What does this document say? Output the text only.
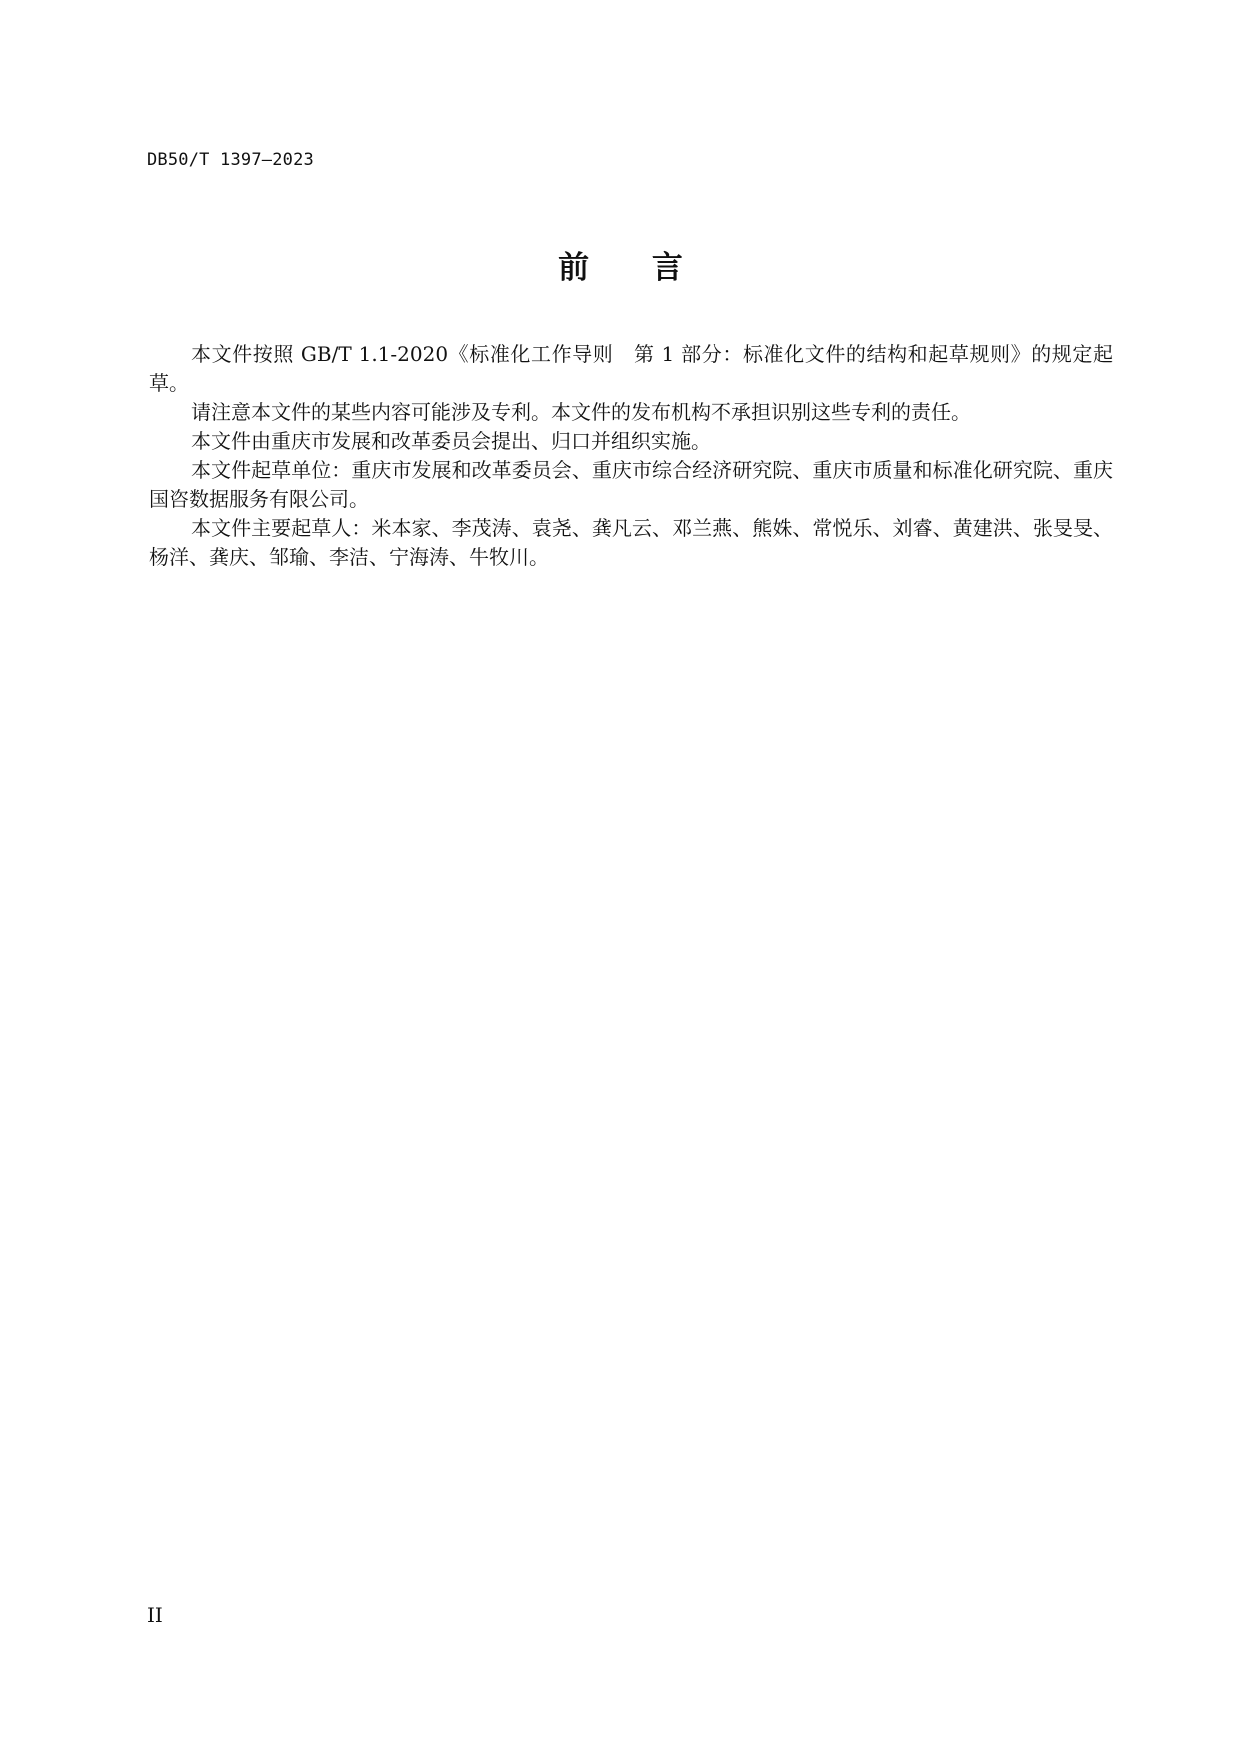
DB50/T 1397—2023
前 言

本文件按照 GB/T 1.1-2020《标准化工作导则　第 1 部分：标准化文件的结构和起草规则》的规定起草。

请注意本文件的某些内容可能涉及专利。本文件的发布机构不承担识别这些专利的责任。

本文件由重庆市发展和改革委员会提出、归口并组织实施。

本文件起草单位：重庆市发展和改革委员会、重庆市综合经济研究院、重庆市质量和标准化研究院、重庆国咨数据服务有限公司。

本文件主要起草人：米本家、李茂涛、袁尧、龚凡云、邓兰燕、熊姝、常悦乐、刘睿、黄建洪、张旻旻、杨洋、龚庆、邹瑜、李洁、宁海涛、牛牧川。

II
